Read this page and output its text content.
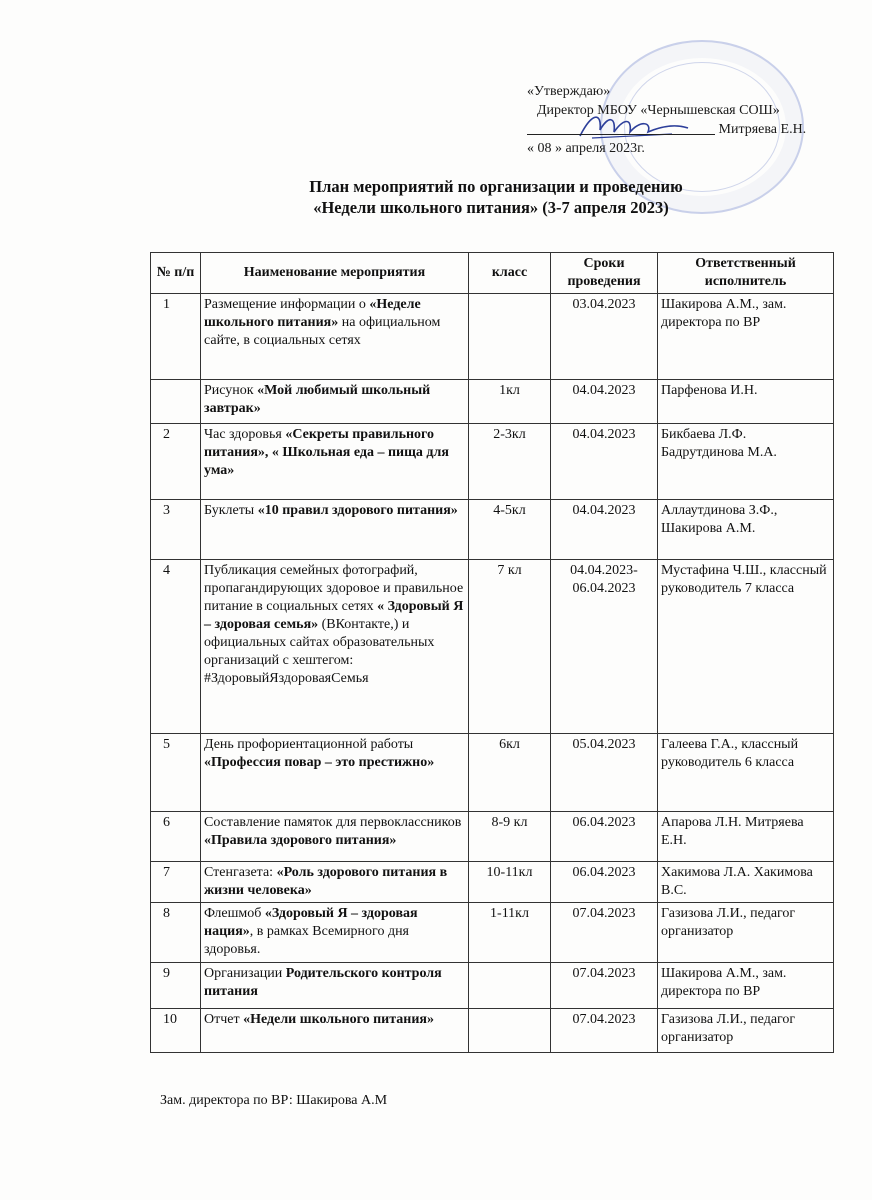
«Утверждаю»
Директор МБОУ «Чернышевская СОШ»
Митряева Е.Н.
« 08 » апреля 2023г.
План мероприятий по организации и проведению
«Недели школьного питания» (3-7 апреля 2023)
№ п/п	Наименование мероприятия	класс	Сроки проведения	Ответственный исполнитель
1	Размещение информации о «Неделе школьного питания» на официальном сайте, в социальных сетях		03.04.2023	Шакирова А.М., зам. директора по ВР
	Рисунок «Мой любимый школьный завтрак»	1кл	04.04.2023	Парфенова И.Н.
2	Час здоровья «Секреты правильного питания», « Школьная еда – пища для ума»	2-3кл	04.04.2023	Бикбаева Л.Ф. Бадрутдинова М.А.
3	Буклеты «10 правил здорового питания»	4-5кл	04.04.2023	Аллаутдинова З.Ф., Шакирова А.М.
4	Публикация семейных фотографий, пропагандирующих здоровое и правильное питание в социальных сетях « Здоровый Я – здоровая семья» (ВКонтакте,) и официальных сайтах образовательных организаций с хештегом: #ЗдоровыйЯздороваяСемья	7 кл	04.04.2023-06.04.2023	Мустафина Ч.Ш., классный руководитель 7 класса
5	День профориентационной работы «Профессия повар – это престижно»	6кл	05.04.2023	Галеева Г.А., классный руководитель 6 класса
6	Составление памяток для первоклассников «Правила здорового питания»	8-9 кл	06.04.2023	Апарова Л.Н. Митряева Е.Н.
7	Стенгазета: «Роль здорового питания в жизни человека»	10-11кл	06.04.2023	Хакимова Л.А. Хакимова В.С.
8	Флешмоб «Здоровый Я – здоровая нация», в рамках Всемирного дня здоровья.	1-11кл	07.04.2023	Газизова Л.И., педагог организатор
9	Организации Родительского контроля питания		07.04.2023	Шакирова А.М., зам. директора по ВР
10	Отчет «Недели школьного питания»		07.04.2023	Газизова Л.И., педагог организатор
Зам. директора по ВР: Шакирова А.М
